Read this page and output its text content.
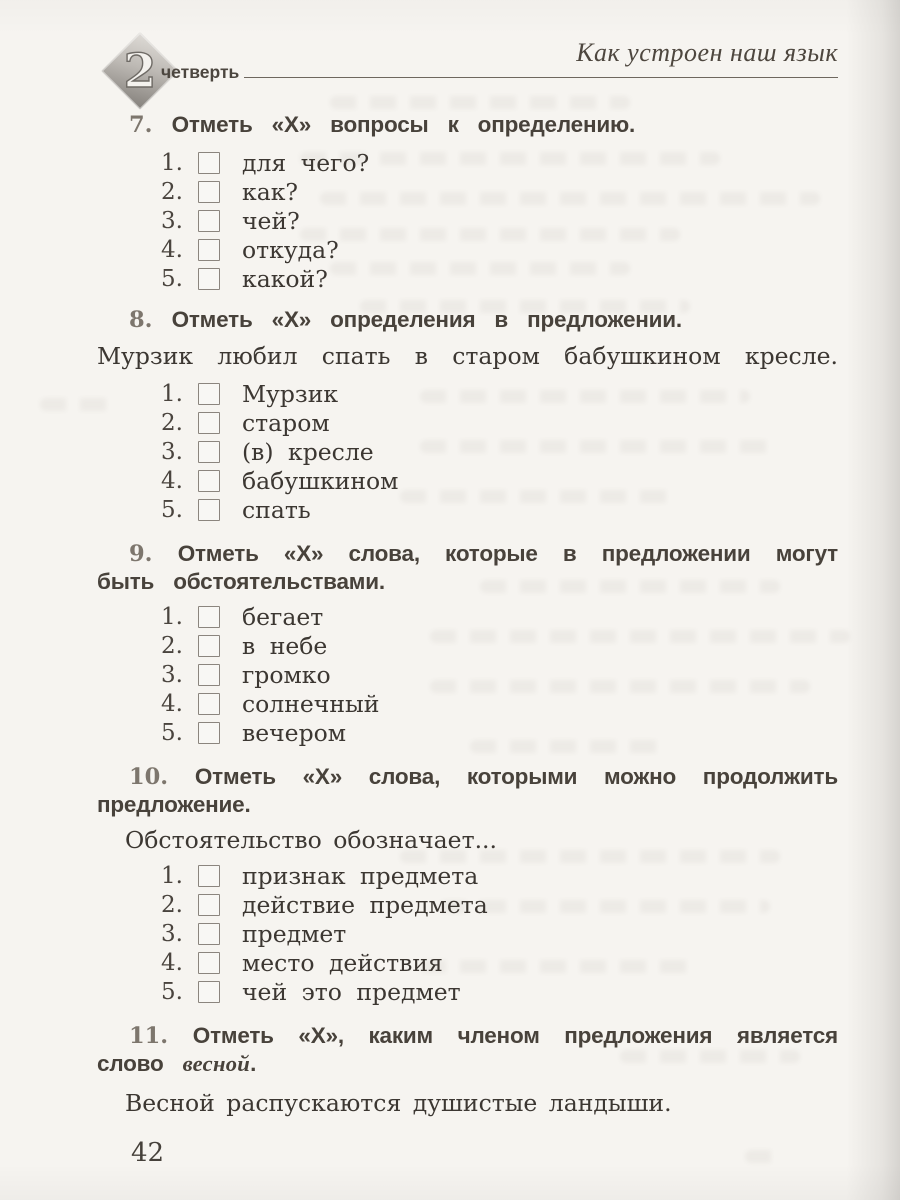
2 четверть
Как устроен наш язык
7. Отметь «Х» вопросы к определению.
1.	для чего?
2.	как?
3.	чей?
4.	откуда?
5.	какой?
8. Отметь «Х» определения в предложении.
Мурзик любил спать в старом бабушкином кресле.
1.	Мурзик
2.	старом
3.	(в) кресле
4.	бабушкином
5.	спать
9. Отметь «Х» слова, которые в предложении могут
быть обстоятельствами.
1.	бегает
2.	в небе
3.	громко
4.	солнечный
5.	вечером
10. Отметь «Х» слова, которыми можно продолжить
предложение.
Обстоятельство обозначает...
1.	признак предмета
2.	действие предмета
3.	предмет
4.	место действия
5.	чей это предмет
11. Отметь «Х», каким членом предложения является
слово весной.
Весной распускаются душистые ландыши.
42
